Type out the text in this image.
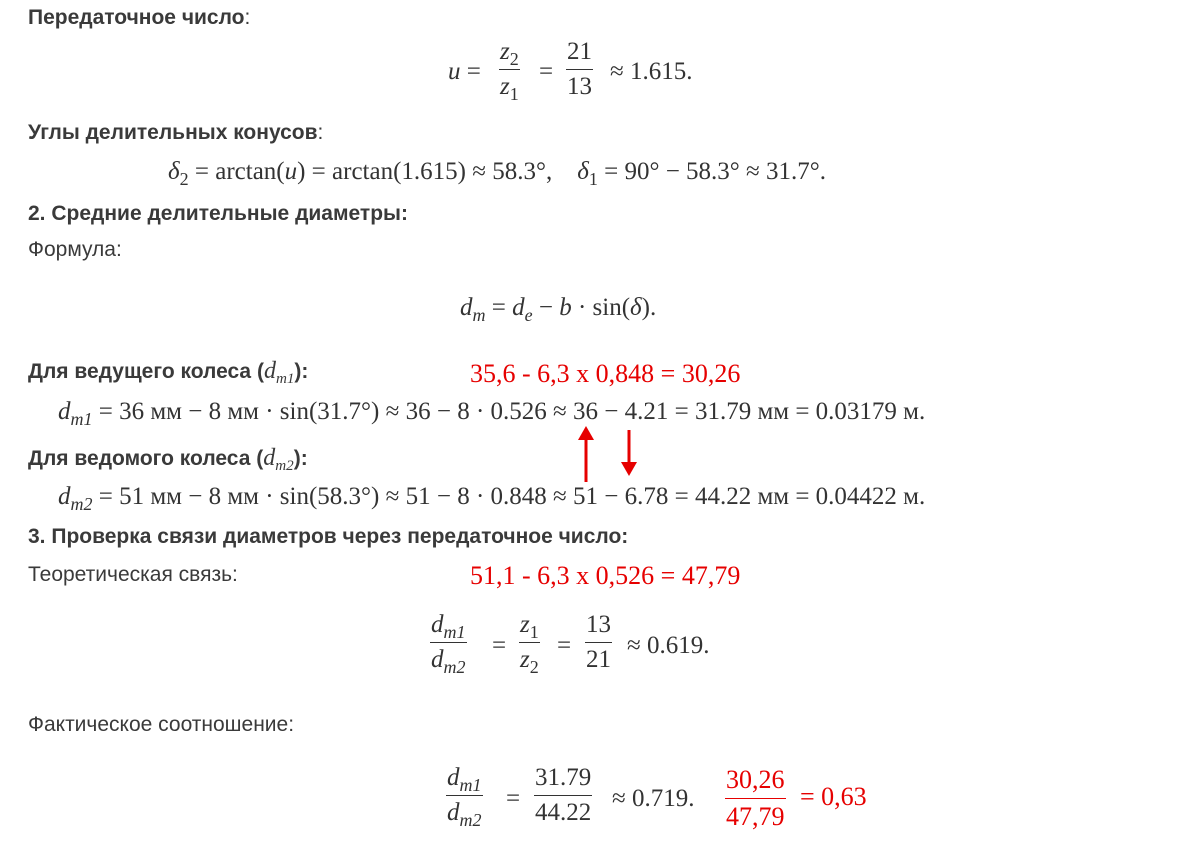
Передаточное число:
$u = \frac{z_2}{z_1} = \frac{21}{13} \approx 1.615$.
Углы делительных конусов:
$\delta_2 = \arctan(u) = \arctan(1.615) \approx 58.3^\circ$, $\delta_1 = 90^\circ - 58.3^\circ \approx 31.7^\circ$.
2. Средние делительные диаметры:
Формула:
$d_m = d_e - b \cdot \sin(\delta)$.
Для ведущего колеса $(d_{m1})$:	35,6 - 6,3 x 0,848 = 30,26
$d_{m1} = 36$ мм − 8 мм · sin(31.7°) ≈ 36 − 8 · 0.526 ≈ 36 − 4.21 = 31.79 мм = 0.03179 м.
Для ведомого колеса $(d_{m2})$:
$d_{m2} = 51$ мм − 8 мм · sin(58.3°) ≈ 51 − 8 · 0.848 ≈ 51 − 6.78 = 44.22 мм = 0.04422 м.
3. Проверка связи диаметров через передаточное число:
Теоретическая связь:	51,1 - 6,3 x 0,526 = 47,79
$\frac{d_{m1}}{d_{m2}} = \frac{z_1}{z_2} = \frac{13}{21} \approx 0.619$.
Фактическое соотношение:
$\frac{d_{m1}}{d_{m2}} = \frac{31.79}{44.22} \approx 0.719$. $\frac{30,26}{47,79} = 0,63$
